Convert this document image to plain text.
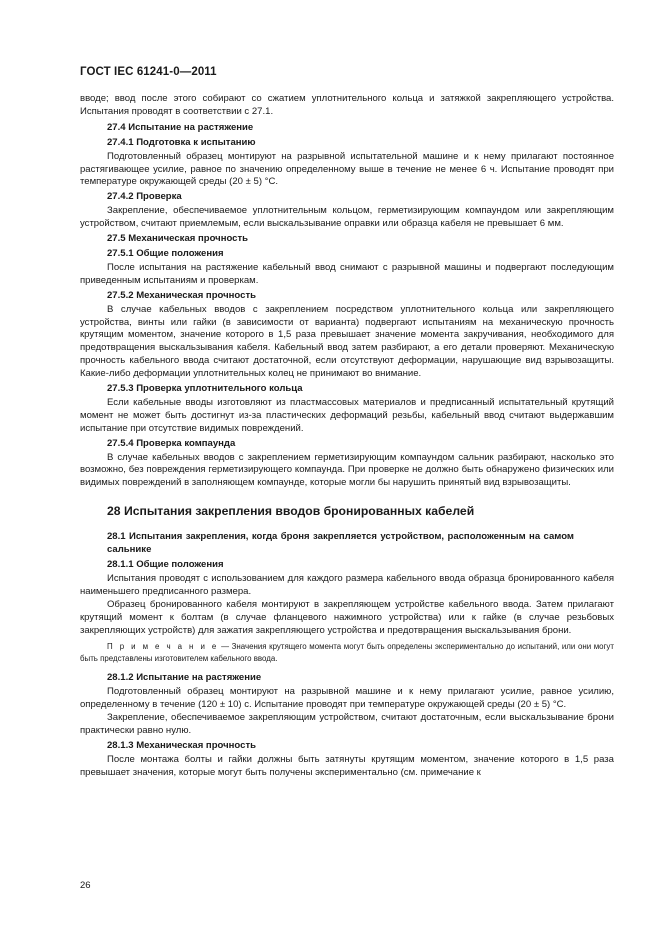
ГОСТ IEC 61241-0—2011

вводе; ввод после этого собирают со сжатием уплотнительного кольца и затяжкой закрепляющего устройства. Испытания проводят в соответствии с 27.1.

27.4 Испытание на растяжение

27.4.1 Подготовка к испытанию

Подготовленный образец монтируют на разрывной испытательной машине и к нему прилагают постоянное растягивающее усилие, равное по значению определенному выше в течение не менее 6 ч. Испытание проводят при температуре окружающей среды (20 ± 5) °С.

27.4.2 Проверка

Закрепление, обеспечиваемое уплотнительным кольцом, герметизирующим компаундом или закрепляющим устройством, считают приемлемым, если выскальзывание оправки или образца кабеля не превышает 6 мм.

27.5 Механическая прочность

27.5.1 Общие положения

После испытания на растяжение кабельный ввод снимают с разрывной машины и подвергают последующим приведенным испытаниям и проверкам.

27.5.2 Механическая прочность

В случае кабельных вводов с закреплением посредством уплотнительного кольца или закрепляющего устройства, винты или гайки (в зависимости от варианта) подвергают испытаниям на механическую прочность крутящим моментом, значение которого в 1,5 раза превышает значение момента закручивания, необходимого для предотвращения выскальзывания кабеля. Кабельный ввод затем разбирают, а его детали проверяют. Механическую прочность кабельного ввода считают достаточной, если отсутствуют деформации, нарушающие вид взрывозащиты. Какие-либо деформации уплотнительных колец не принимают во внимание.

27.5.3 Проверка уплотнительного кольца

Если кабельные вводы изготовляют из пластмассовых материалов и предписанный испытательный крутящий момент не может быть достигнут из-за пластических деформаций резьбы, кабельный ввод считают выдержавшим испытание при отсутствие видимых повреждений.

27.5.4 Проверка компаунда

В случае кабельных вводов с закреплением герметизирующим компаундом сальник разбирают, насколько это возможно, без повреждения герметизирующего компаунда. При проверке не должно быть обнаружено физических или видимых повреждений в заполняющем компаунде, которые могли бы нарушить принятый вид взрывозащиты.

28 Испытания закрепления вводов бронированных кабелей

28.1 Испытания закрепления, когда броня закрепляется устройством, расположенным на самом сальнике

28.1.1 Общие положения

Испытания проводят с использованием для каждого размера кабельного ввода образца бронированного кабеля наименьшего предписанного размера.

Образец бронированного кабеля монтируют в закрепляющем устройстве кабельного ввода. Затем прилагают крутящий момент к болтам (в случае фланцевого нажимного устройства) или к гайке (в случае резьбовых закрепляющих устройств) для зажатия закрепляющего устройства и предотвращения выскальзывания брони.

П р и м е ч а н и е — Значения крутящего момента могут быть определены экспериментально до испытаний, или они могут быть представлены изготовителем кабельного ввода.

28.1.2 Испытание на растяжение

Подготовленный образец монтируют на разрывной машине и к нему прилагают усилие, равное усилию, определенному в течение (120 ± 10) с. Испытание проводят при температуре окружающей среды (20 ± 5) °С.

Закрепление, обеспечиваемое закрепляющим устройством, считают достаточным, если выскальзывание брони практически равно нулю.

28.1.3 Механическая прочность

После монтажа болты и гайки должны быть затянуты крутящим моментом, значение которого в 1,5 раза превышает значения, которые могут быть получены экспериментально (см. примечание к

26
